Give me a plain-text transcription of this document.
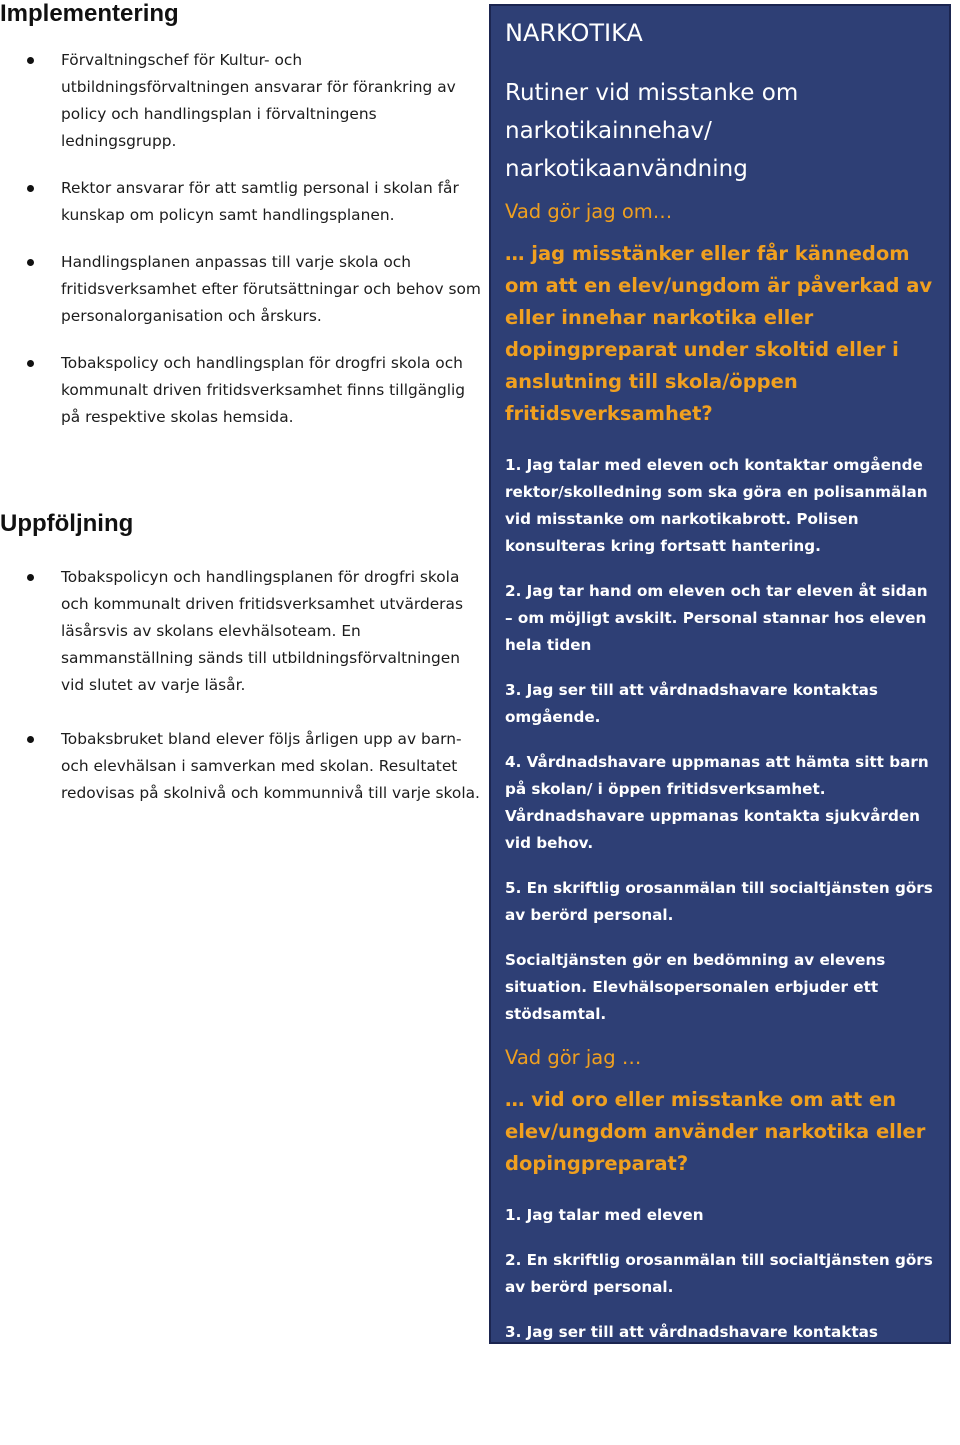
Implementering
Förvaltningschef för Kultur- och utbildningsförvaltningen ansvarar för förankring av policy och handlingsplan i förvaltningens ledningsgrupp.
Rektor ansvarar för att samtlig personal i skolan får kunskap om policyn samt handlingsplanen.
Handlingsplanen anpassas till varje skola och fritidsverksamhet efter förutsättningar och behov som personalorganisation och årskurs.
Tobakspolicy och handlingsplan för drogfri skola och kommunalt driven fritidsverksamhet finns tillgänglig på respektive skolas hemsida.
Uppföljning
Tobakspolicyn och handlingsplanen för drogfri skola och kommunalt driven fritidsverksamhet utvärderas läsårsvis av skolans elevhälsoteam. En sammanställning sänds till utbildningsförvaltningen vid slutet av varje läsår.
Tobaksbruket bland elever följs årligen upp av barn- och elevhälsan i samverkan med skolan. Resultatet redovisas på skolnivå och kommunnivå till varje skola.
NARKOTIKA
Rutiner vid misstanke om narkotikainnehav/ narkotikaanvändning

Vad gör jag om…

… jag misstänker eller får kännedom om att en elev/ungdom är påverkad av eller innehar narkotika eller dopingpreparat under skoltid eller i anslutning till skola/öppen fritidsverksamhet?

1. Jag talar med eleven och kontaktar omgående rektor/skolledning som ska göra en polisanmälan vid misstanke om narkotikabrott. Polisen konsulteras kring fortsatt hantering.

2. Jag tar hand om eleven och tar eleven åt sidan – om möjligt avskilt. Personal stannar hos eleven hela tiden

3. Jag ser till att vårdnadshavare kontaktas omgående.

4. Vårdnadshavare uppmanas att hämta sitt barn på skolan/ i öppen fritidsverksamhet. Vårdnadshavare uppmanas kontakta sjukvården vid behov.

5. En skriftlig orosanmälan till socialtjänsten görs av berörd personal.

Socialtjänsten gör en bedömning av elevens situation. Elevhälsopersonalen erbjuder ett stödsamtal.

Vad gör jag …

… vid oro eller misstanke om att en elev/ungdom använder narkotika eller dopingpreparat?

1. Jag talar med eleven

2. En skriftlig orosanmälan till socialtjänsten görs av berörd personal.

3. Jag ser till att vårdnadshavare kontaktas

Socialtjänsten gör en bedömning av elevens situation. Elevhälsopersonalen erbjuder ett stödsamtal.
